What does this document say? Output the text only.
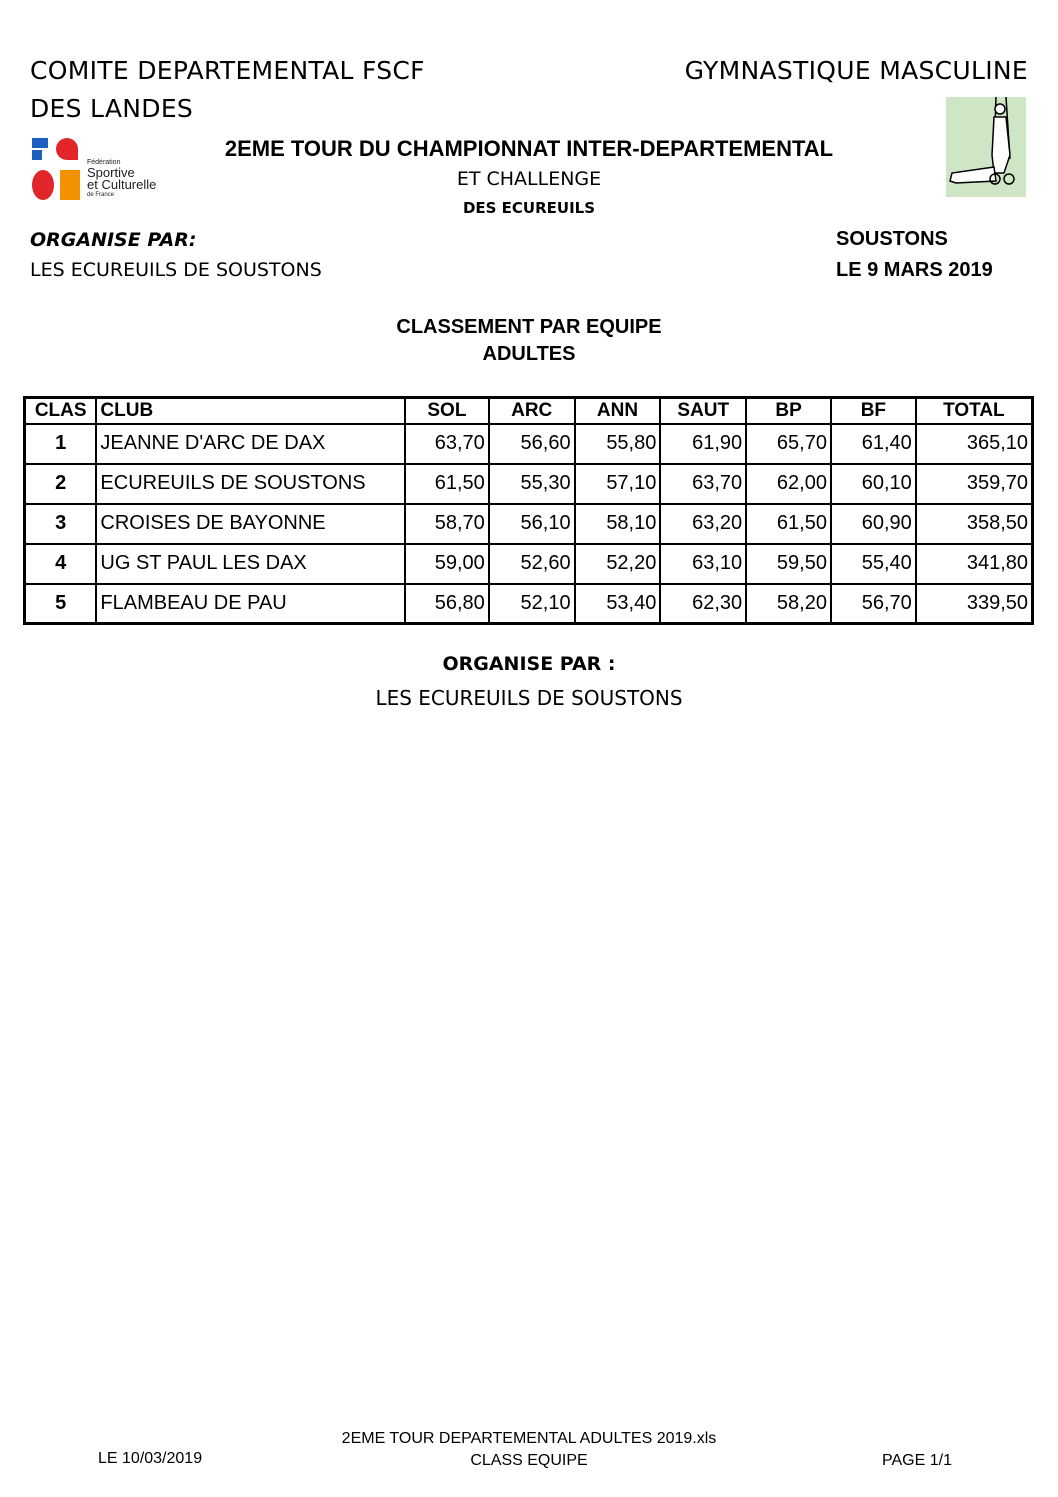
COMITE DEPARTEMENTAL FSCF
DES LANDES
GYMNASTIQUE MASCULINE
Fédération
Sportive
et Culturelle
de France
2EME TOUR DU CHAMPIONNAT INTER-DEPARTEMENTAL
ET CHALLENGE
DES ECUREUILS
ORGANISE PAR:
LES ECUREUILS DE SOUSTONS
SOUSTONS
LE 9 MARS 2019
CLASSEMENT PAR EQUIPE
ADULTES
CLAS	CLUB	SOL	ARC	ANN	SAUT	BP	BF	TOTAL
1	JEANNE D'ARC DE DAX	63,70	56,60	55,80	61,90	65,70	61,40	365,10
2	ECUREUILS DE SOUSTONS	61,50	55,30	57,10	63,70	62,00	60,10	359,70
3	CROISES DE BAYONNE	58,70	56,10	58,10	63,20	61,50	60,90	358,50
4	UG ST PAUL LES DAX	59,00	52,60	52,20	63,10	59,50	55,40	341,80
5	FLAMBEAU DE PAU	56,80	52,10	53,40	62,30	58,20	56,70	339,50
ORGANISE PAR :
LES ECUREUILS DE SOUSTONS
2EME TOUR DEPARTEMENTAL ADULTES 2019.xls
CLASS EQUIPE
LE 10/03/2019	PAGE 1/1
